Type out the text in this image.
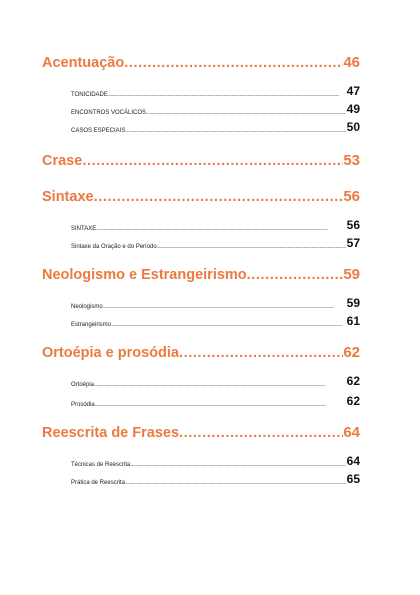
Acentuação .....	46
TONICIDADE .....	47
ENCONTROS VOCÁLICOS .....	49
CASOS ESPECIAIS .....	50
Crase .....	53
Sintaxe .....	56
SINTAXE .....	56
Sintaxe da Oração e do Período .....	57
Neologismo e Estrangeirismo .....	59
Neologismo .....	59
Estrangeirismo .....	61
Ortoépia e prosódia .....	62
Ortoépia .....	62
Prosódia .....	62
Reescrita de Frases .....	64
Técnicas de Reescrita .....	64
Prática de Reescrita .....	65
